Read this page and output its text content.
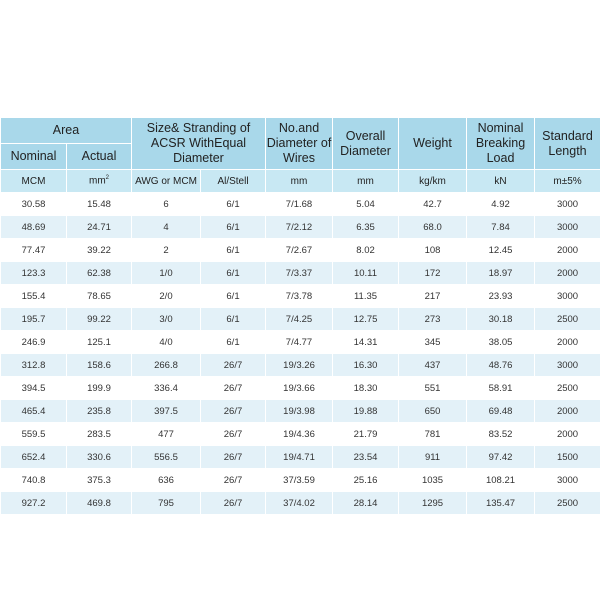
Area		Size& Stranding of ACSR WithEqual Diameter		No.and Diameter of Wires	Overall Diameter	Weight	Nominal Breaking Load	Standard Length
Nominal	Actual							
MCM	$mm^2$	AWG or MCM	Al/Stell	mm	mm	kg/km	kN	m±5%
30.58	15.48	6	6/1	7/1.68	5.04	42.7	4.92	3000
48.69	24.71	4	6/1	7/2.12	6.35	68.0	7.84	3000
77.47	39.22	2	6/1	7/2.67	8.02	108	12.45	2000
123.3	62.38	1/0	6/1	7/3.37	10.11	172	18.97	2000
155.4	78.65	2/0	6/1	7/3.78	11.35	217	23.93	3000
195.7	99.22	3/0	6/1	7/4.25	12.75	273	30.18	2500
246.9	125.1	4/0	6/1	7/4.77	14.31	345	38.05	2000
312.8	158.6	266.8	26/7	19/3.26	16.30	437	48.76	3000
394.5	199.9	336.4	26/7	19/3.66	18.30	551	58.91	2500
465.4	235.8	397.5	26/7	19/3.98	19.88	650	69.48	2000
559.5	283.5	477	26/7	19/4.36	21.79	781	83.52	2000
652.4	330.6	556.5	26/7	19/4.71	23.54	911	97.42	1500
740.8	375.3	636	26/7	37/3.59	25.16	1035	108.21	3000
927.2	469.8	795	26/7	37/4.02	28.14	1295	135.47	2500
